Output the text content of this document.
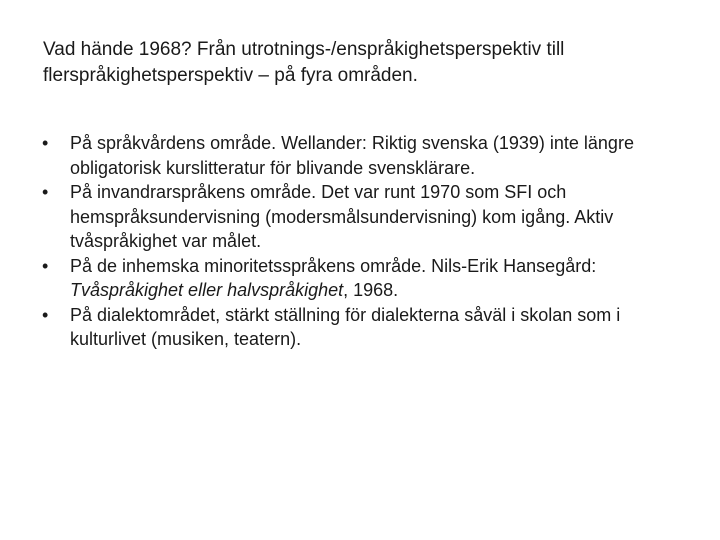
Vad hände 1968? Från utrotnings-/enspråkighetsperspektiv till
flerspråkighetsperspektiv – på fyra områden.
•	På språkvårdens område. Wellander: Riktig svenska (1939) inte längre obligatorisk kurslitteratur för blivande svensklärare.
•	På invandrarspråkens område. Det var runt 1970 som SFI och hemspråksundervisning (modersmålsundervisning) kom igång. Aktiv tvåspråkighet var målet.
•	På de inhemska minoritetsspråkens område. Nils-Erik Hansegård: Tvåspråkighet eller halvspråkighet, 1968.
•	På dialektområdet, stärkt ställning för dialekterna såväl i skolan som i kulturlivet (musiken, teatern).
